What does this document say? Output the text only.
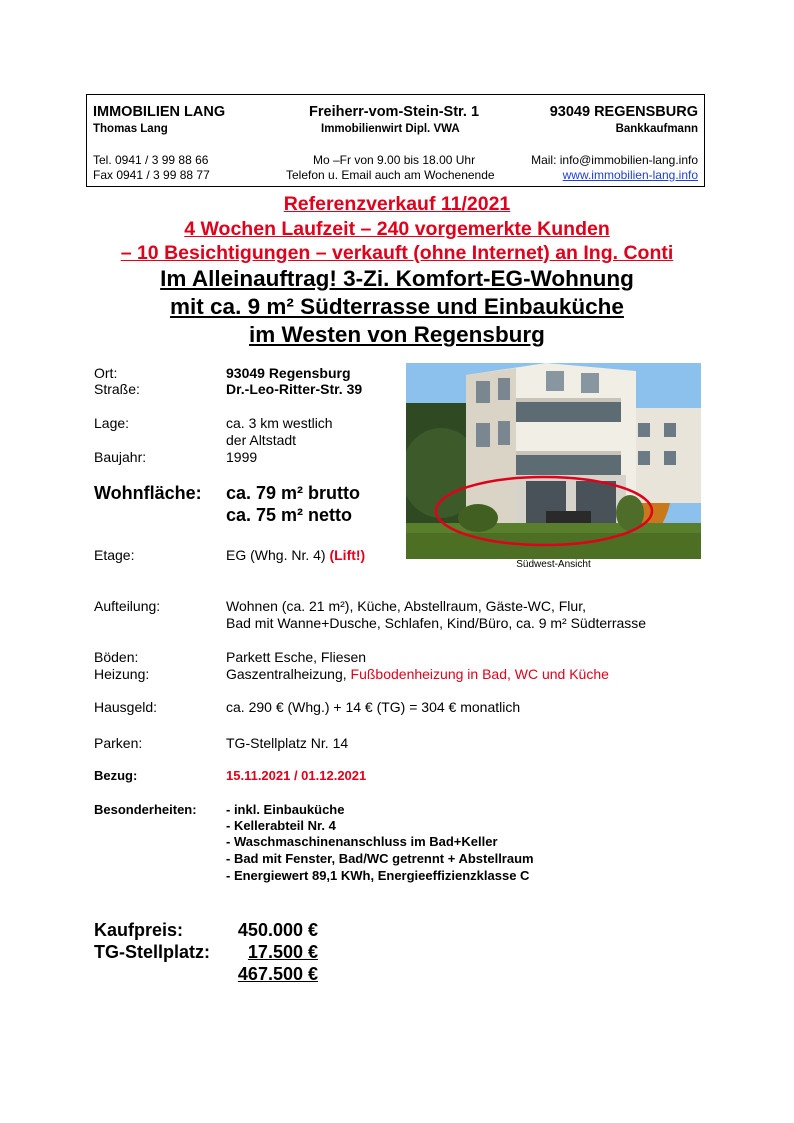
IMMOBILIEN LANG	Freiherr-vom-Stein-Str. 1	93049 REGENSBURG
Thomas Lang	Immobilienwirt Dipl. VWA	Bankkaufmann
Tel. 0941 / 3 99 88 66	Mo –Fr von 9.00 bis 18.00 Uhr	Mail: info@immobilien-lang.info
Fax 0941 / 3 99 88 77	Telefon u. Email auch am Wochenende	www.immobilien-lang.info
Referenzverkauf 11/2021
4 Wochen Laufzeit – 240 vorgemerkte Kunden
– 10 Besichtigungen – verkauft (ohne Internet) an Ing. Conti
Im Alleinauftrag! 3-Zi. Komfort-EG-Wohnung
mit ca. 9 m² Südterrasse und Einbauküche
im Westen von Regensburg
Ort:	93049 Regensburg
Straße:	Dr.-Leo-Ritter-Str. 39
Lage:	ca. 3 km westlich
der Altstadt
Baujahr:	1999
Wohnfläche: ca. 79 m² brutto
ca. 75 m² netto
Etage:	EG (Whg. Nr. 4) (Lift!)
Südwest-Ansicht
Aufteilung:	Wohnen (ca. 21 m²), Küche, Abstellraum, Gäste-WC, Flur,
Bad mit Wanne+Dusche, Schlafen, Kind/Büro, ca. 9 m² Südterrasse
Böden:	Parkett Esche, Fliesen
Heizung:	Gaszentralheizung, Fußbodenheizung in Bad, WC und Küche
Hausgeld:	ca. 290 € (Whg.) + 14 € (TG) = 304 € monatlich
Parken:	TG-Stellplatz Nr. 14
Bezug:	15.11.2021 / 01.12.2021
Besonderheiten: - inkl. Einbauküche
- Kellerabteil Nr. 4
- Waschmaschinenanschluss im Bad+Keller
- Bad mit Fenster, Bad/WC getrennt + Abstellraum
- Energiewert 89,1 KWh, Energieeffizienzklasse C
Kaufpreis:	450.000 €
TG-Stellplatz:	17.500 €
467.500 €
